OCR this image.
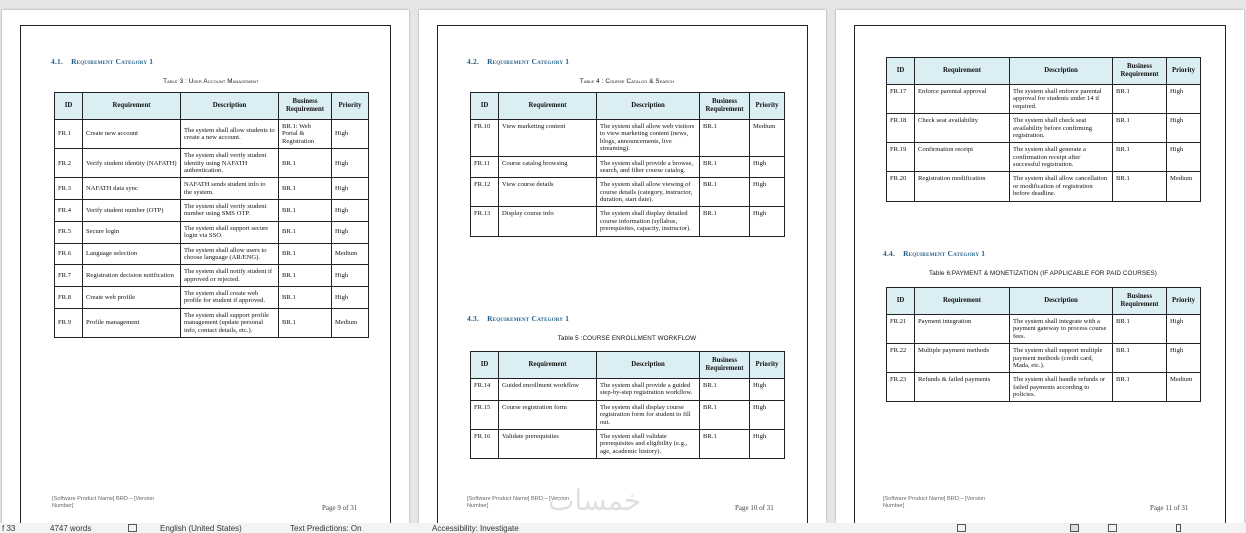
4.1. Requirement Category 1
Table 3 : User Account Management
ID	Requirement	Description	Business Requirement	Priority
FR.1	Create new account	The system shall allow students to create a new account.	BR.1: Web Portal & Registration	High
FR.2	Verify student identity (NAFATH)	The system shall verify student identity using NAFATH authentication.	BR.1	High
FR.3	NAFATH data sync	NAFATH sends student info to the system.	BR.1	High
FR.4	Verify student number (OTP)	The system shall verify student number using SMS OTP.	BR.1	High
FR.5	Secure login	The system shall support secure login via SSO.	BR.1	High
FR.6	Language selection	The system shall allow users to choose language (AR/ENG).	BR.1	Medium
FR.7	Registration decision notification	The system shall notify student if approved or rejected.	BR.1	High
FR.8	Create web profile	The system shall create web profile for student if approved.	BR.1	High
FR.9	Profile management	The system shall support profile management (update personal info, contact details, etc.).	BR.1	Medium
[Software Product Name] BRD – [Version Number]	Page 9 of 31
4.2. Requirement Category 1
Table 4 : Course Catalog & Search
ID	Requirement	Description	Business Requirement	Priority
FR.10	View marketing content	The system shall allow web visitors to view marketing content (news, blogs, announcements, live streaming).	BR.1	Medium
FR.11	Course catalog browsing	The system shall provide a browse, search, and filter course catalog.	BR.1	High
FR.12	View course details	The system shall allow viewing of course details (category, instructor, duration, start date).	BR.1	High
FR.13	Display course info	The system shall display detailed course information (syllabus, prerequisites, capacity, instructor).	BR.1	High
4.3. Requirement Category 1
Table 5 :COURSE ENROLLMENT WORKFLOW
ID	Requirement	Description	Business Requirement	Priority
FR.14	Guided enrollment workflow	The system shall provide a guided step-by-step registration workflow.	BR.1	High
FR.15	Course registration form	The system shall display course registration form for student to fill out.	BR.1	High
FR.16	Validate prerequisites	The system shall validate prerequisites and eligibility (e.g., age, academic history).	BR.1	High
[Software Product Name] BRD – [Version Number]	Page 10 of 31
ID	Requirement	Description	Business Requirement	Priority
FR.17	Enforce parental approval	The system shall enforce parental approval for students under 14 if required.	BR.1	High
FR.18	Check seat availability	The system shall check seat availability before confirming registration.	BR.1	High
FR.19	Confirmation receipt	The system shall generate a confirmation receipt after successful registration.	BR.1	High
FR.20	Registration modification	The system shall allow cancellation or modification of registration before deadline.	BR.1	Medium
4.4. Requirement Category 1
Table 6:PAYMENT & MONETIZATION (IF APPLICABLE FOR PAID COURSES)
ID	Requirement	Description	Business Requirement	Priority
FR.21	Payment integration	The system shall integrate with a payment gateway to process course fees.	BR.1	High
FR.22	Multiple payment methods	The system shall support multiple payment methods (credit card, Mada, etc.).	BR.1	High
FR.23	Refunds & failed payments	The system shall handle refunds or failed payments according to policies.	BR.1	Medium
[Software Product Name] BRD – [Version Number]	Page 11 of 31
خمسات
f 33	4747 words	English (United States)	Text Predictions: On	Accessibility: Investigate
